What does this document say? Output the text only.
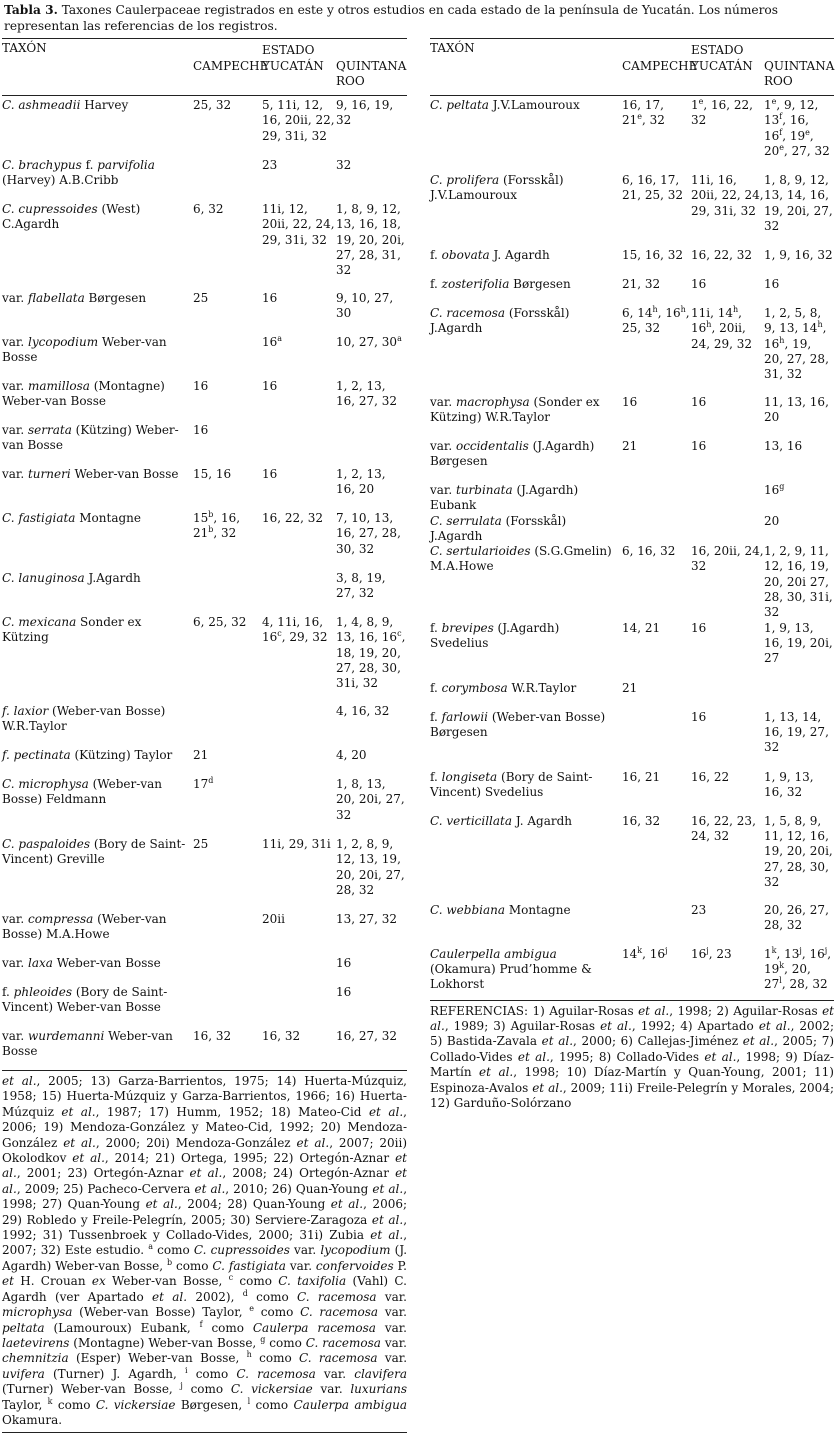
Tabla 3. Taxones Caulerpaceae registrados en este y otros estudios en cada estado de la península de Yucatán. Los números representan las referencias de los registros.
TAXÓN	ESTADO
CAMPECHE
YUCATÁN QUINTANA
ROO
C. ashmeadii Harvey	25, 32	5, 11i, 12, 16, 20ii, 22, 29, 31i, 32	9, 16, 19, 32
C. brachypus f. parvifolia (Harvey) A.B.Cribb		23	32
C. cupressoides (West) C.Agardh	6, 32	11i, 12, 20ii, 22, 24, 29, 31i, 32	1, 8, 9, 12, 13, 16, 18, 19, 20, 20i, 27, 28, 31, 32
var. flabellata Børgesen	25	16	9, 10, 27, 30
var. lycopodium Weber-van Bosse		16$^a$	10, 27, 30$^a$
var. mamillosa (Montagne) Weber-van Bosse	16	16	1, 2, 13, 16, 27, 32
var. serrata (Kützing) Weber-van Bosse	16		
var. turneri Weber-van Bosse	15, 16	16	1, 2, 13, 16, 20
C. fastigiata Montagne	15$^b$, 16, 21$^b$, 32	16, 22, 32	7, 10, 13, 16, 27, 28, 30, 32
C. lanuginosa J.Agardh			3, 8, 19, 27, 32
C. mexicana Sonder ex Kützing	6, 25, 32	4, 11i, 16, 16$^c$, 29, 32	1, 4, 8, 9, 13, 16, 16$^c$, 18, 19, 20, 27, 28, 30, 31i, 32
f. laxior (Weber-van Bosse) W.R.Taylor			4, 16, 32
f. pectinata (Kützing) Taylor	21		4, 20
C. microphysa (Weber-van Bosse) Feldmann	17$^d$		1, 8, 13, 20, 20i, 27, 32
C. paspaloides (Bory de Saint-Vincent) Greville	25	11i, 29, 31i	1, 2, 8, 9, 12, 13, 19, 20, 20i, 27, 28, 32
var. compressa (Weber-van Bosse) M.A.Howe		20ii	13, 27, 32
var. laxa Weber-van Bosse			16
f. phleoides (Bory de Saint-Vincent) Weber-van Bosse			16
var. wurdemanni Weber-van Bosse	16, 32	16, 32	16, 27, 32
et al., 2005; 13) Garza-Barrientos, 1975; 14) Huerta-Múzquiz, 1958; 15) Huerta-Múzquiz y Garza-Barrientos, 1966; 16) Huerta-Múzquiz et al., 1987; 17) Humm, 1952; 18) Mateo-Cid et al., 2006; 19) Mendoza-González y Mateo-Cid, 1992; 20) Mendoza-González et al., 2000; 20i) Mendoza-González et al., 2007; 20ii) Okolodkov et al., 2014; 21) Ortega, 1995; 22) Ortegón-Aznar et al., 2001; 23) Ortegón-Aznar et al., 2008; 24) Ortegón-Aznar et al., 2009; 25) Pacheco-Cervera et al., 2010; 26) Quan-Young et al., 1998; 27) Quan-Young et al., 2004; 28) Quan-Young et al., 2006; 29) Robledo y Freile-Pelegrín, 2005; 30) Serviere-Zaragoza et al., 1992; 31) Tussenbroek y Collado-Vides, 2000; 31i) Zubia et al., 2007; 32) Este estudio. $^a$ como C. cupressoides var. lycopodium (J. Agardh) Weber-van Bosse, $^b$ como C. fastigiata var. confervoides P. et H. Crouan ex Weber-van Bosse, $^c$ como C. taxifolia (Vahl) C. Agardh (ver Apartado et al. 2002), $^d$ como C. racemosa var. microphysa (Weber-van Bosse) Taylor, $^e$ como C. racemosa var. peltata (Lamouroux) Eubank, $^f$ como Caulerpa racemosa var. laetevirens (Montagne) Weber-van Bosse, $^g$ como C. racemosa var. chemnitzia (Esper) Weber-van Bosse, $^h$ como C. racemosa var. uvifera (Turner) J. Agardh, $^i$ como C. racemosa var. clavifera (Turner) Weber-van Bosse, $^j$ como C. vickersiae var. luxurians Taylor, $^k$ como C. vickersiae Børgesen, $^l$ como Caulerpa ambigua Okamura.
TAXÓN	ESTADO
CAMPECHE
YUCATÁN QUINTANA
ROO
C. peltata J.V.Lamouroux	16, 17, 21e, 32	1e, 16, 22, 32	1e, 9, 12, 13$^f$, 16, 16$^f$, 19e, 20e, 27, 32
C. prolifera (Forsskål) J.V.Lamouroux	6, 16, 17, 21, 25, 32	11i, 16, 20ii, 22, 24, 29, 31i, 32	1, 8, 9, 12, 13, 14, 16, 19, 20i, 27, 32
f. obovata J. Agardh	15, 16, 32	16, 22, 32	1, 9, 16, 32
f. zosterifolia Børgesen	21, 32	16	16
C. racemosa (Forsskål) J.Agardh	6, 14$^h$, 16$^h$, 25, 32	11i, 14$^h$, 16$^h$, 20ii, 24, 29, 32	1, 2, 5, 8, 9, 13, 14$^h$, 16$^h$, 19, 20, 27, 28, 31, 32
var. macrophysa (Sonder ex Kützing) W.R.Taylor	16	16	11, 13, 16, 20
var. occidentalis (J.Agardh) Børgesen	21	16	13, 16
var. turbinata (J.Agardh) Eubank			16$^g$
C. serrulata (Forsskål) J.Agardh			20
C. sertularioides (S.G.Gmelin) M.A.Howe	6, 16, 32	16, 20ii, 24, 32	1, 2, 9, 11, 12, 16, 19, 20, 20i 27, 28, 30, 31i, 32
f. brevipes (J.Agardh) Svedelius	14, 21	16	1, 9, 13, 16, 19, 20i, 27
f. corymbosa W.R.Taylor	21		
f. farlowii (Weber-van Bosse) Børgesen		16	1, 13, 14, 16, 19, 27, 32
f. longiseta (Bory de Saint-Vincent) Svedelius	16, 21	16, 22	1, 9, 13, 16, 32
C. verticillata J. Agardh	16, 32	16, 22, 23, 24, 32	1, 5, 8, 9, 11, 12, 16, 19, 20, 20i, 27, 28, 30, 32
C. webbiana Montagne		23	20, 26, 27, 28, 32
Caulerpella ambigua (Okamura) Prud’homme & Lokhorst	14$^k$, 16$^j$	16$^j$, 23	1$^k$, 13$^j$, 16$^j$, 19$^k$, 20, 27$^l$, 28, 32
REFERENCIAS: 1) Aguilar-Rosas et al., 1998; 2) Aguilar-Rosas et al., 1989; 3) Aguilar-Rosas et al., 1992; 4) Apartado et al., 2002; 5) Bastida-Zavala et al., 2000; 6) Callejas-Jiménez et al., 2005; 7) Collado-Vides et al., 1995; 8) Collado-Vides et al., 1998; 9) Díaz-Martín et al., 1998; 10) Díaz-Martín y Quan-Young, 2001; 11) Espinoza-Avalos et al., 2009; 11i) Freile-Pelegrín y Morales, 2004; 12) Garduño-Solórzano
